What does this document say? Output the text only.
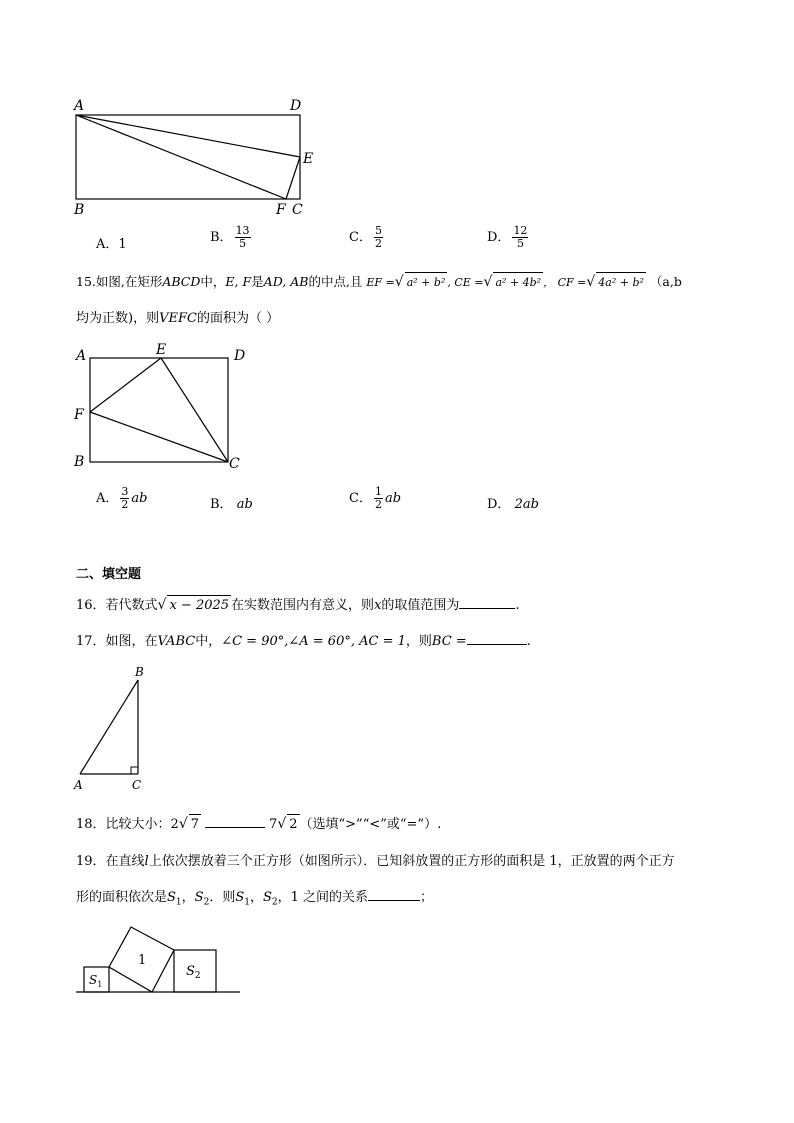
A	D
E
B	F C
A．1	B． $\frac{13}{5}$	C． $\frac{5}{2}$	D． $\frac{12}{5}$
15.如图,在矩形ABCD中，E, F是AD, AB的中点,且 EF =√ a² + b² , CE =√ a² + 4b² ， CF =√ 4a² + b² （a,b
均为正数)，则VEFC的面积为（ ）
A	E	D
F
B	C
A． $\frac{3}{2}$ ab	B． ab	C． $\frac{1}{2}$ ab	D． 2ab
二、填空题
16．若代数式√ x − 2025 在实数范围内有意义，则x的取值范围为	.
17．如图，在VABC中，∠C = 90°,∠A = 60°, AC = 1，则BC =	.
B
A	C
18．比较大小：2√ 7	7√ 2 （选填“>”“<”或“=”）.
19．在直线l上依次摆放着三个正方形（如图所示）．已知斜放置的正方形的面积是 1，正放置的两个正方
形的面积依次是$S_1$，$S_2$．则$S_1$，$S_2$，1 之间的关系	；
1
$S_1$
$S_2$
